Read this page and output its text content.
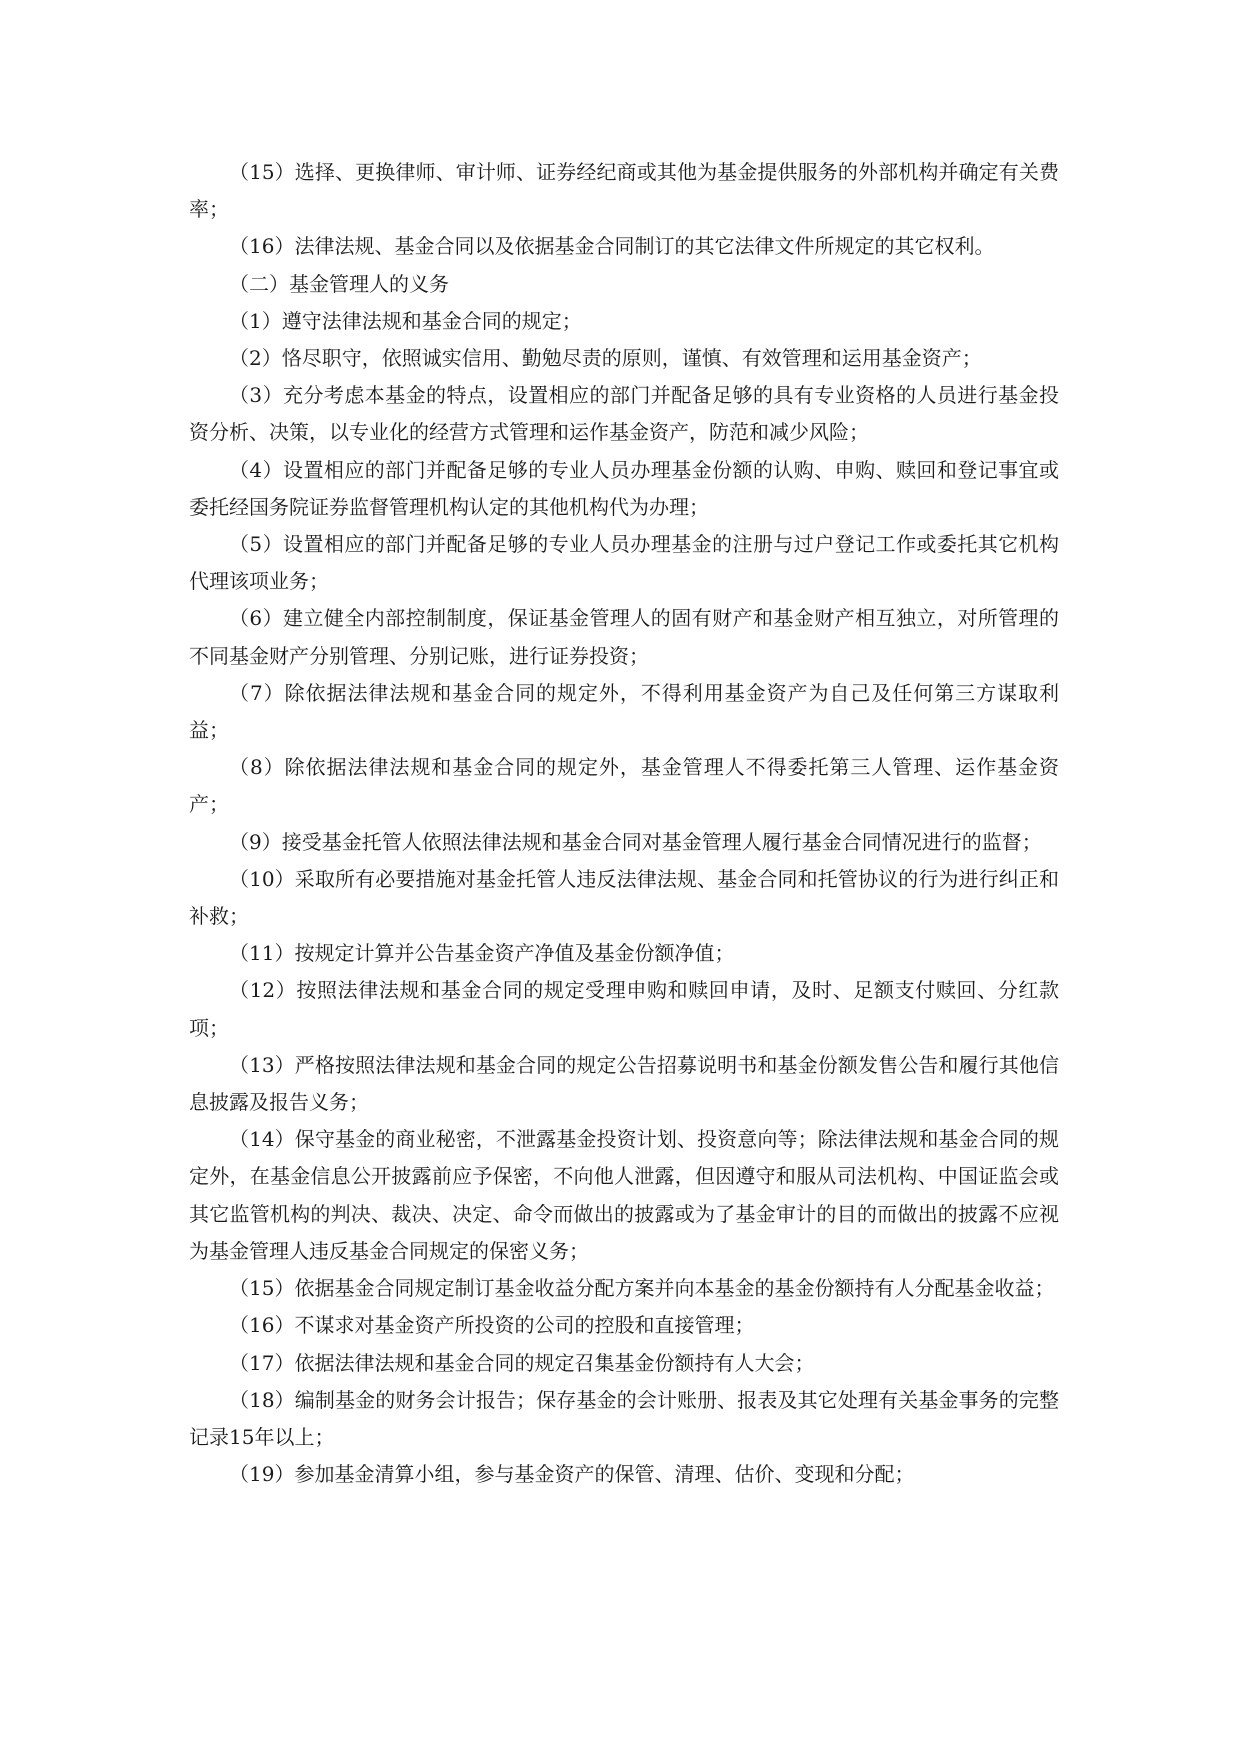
（15）选择、更换律师、审计师、证券经纪商或其他为基金提供服务的外部机构并确定有关费率；

（16）法律法规、基金合同以及依据基金合同制订的其它法律文件所规定的其它权利。

（二）基金管理人的义务

（1）遵守法律法规和基金合同的规定；

（2）恪尽职守，依照诚实信用、勤勉尽责的原则，谨慎、有效管理和运用基金资产；

（3）充分考虑本基金的特点，设置相应的部门并配备足够的具有专业资格的人员进行基金投资分析、决策，以专业化的经营方式管理和运作基金资产，防范和减少风险；

（4）设置相应的部门并配备足够的专业人员办理基金份额的认购、申购、赎回和登记事宜或委托经国务院证券监督管理机构认定的其他机构代为办理；

（5）设置相应的部门并配备足够的专业人员办理基金的注册与过户登记工作或委托其它机构代理该项业务；

（6）建立健全内部控制制度，保证基金管理人的固有财产和基金财产相互独立，对所管理的不同基金财产分别管理、分别记账，进行证券投资；

（7）除依据法律法规和基金合同的规定外，不得利用基金资产为自己及任何第三方谋取利益；

（8）除依据法律法规和基金合同的规定外，基金管理人不得委托第三人管理、运作基金资产；

（9）接受基金托管人依照法律法规和基金合同对基金管理人履行基金合同情况进行的监督；

（10）采取所有必要措施对基金托管人违反法律法规、基金合同和托管协议的行为进行纠正和补救；

（11）按规定计算并公告基金资产净值及基金份额净值；

（12）按照法律法规和基金合同的规定受理申购和赎回申请，及时、足额支付赎回、分红款项；

（13）严格按照法律法规和基金合同的规定公告招募说明书和基金份额发售公告和履行其他信息披露及报告义务；

（14）保守基金的商业秘密，不泄露基金投资计划、投资意向等；除法律法规和基金合同的规定外，在基金信息公开披露前应予保密，不向他人泄露，但因遵守和服从司法机构、中国证监会或其它监管机构的判决、裁决、决定、命令而做出的披露或为了基金审计的目的而做出的披露不应视为基金管理人违反基金合同规定的保密义务；

（15）依据基金合同规定制订基金收益分配方案并向本基金的基金份额持有人分配基金收益；

（16）不谋求对基金资产所投资的公司的控股和直接管理；

（17）依据法律法规和基金合同的规定召集基金份额持有人大会；

（18）编制基金的财务会计报告；保存基金的会计账册、报表及其它处理有关基金事务的完整记录15年以上；

（19）参加基金清算小组，参与基金资产的保管、清理、估价、变现和分配；
